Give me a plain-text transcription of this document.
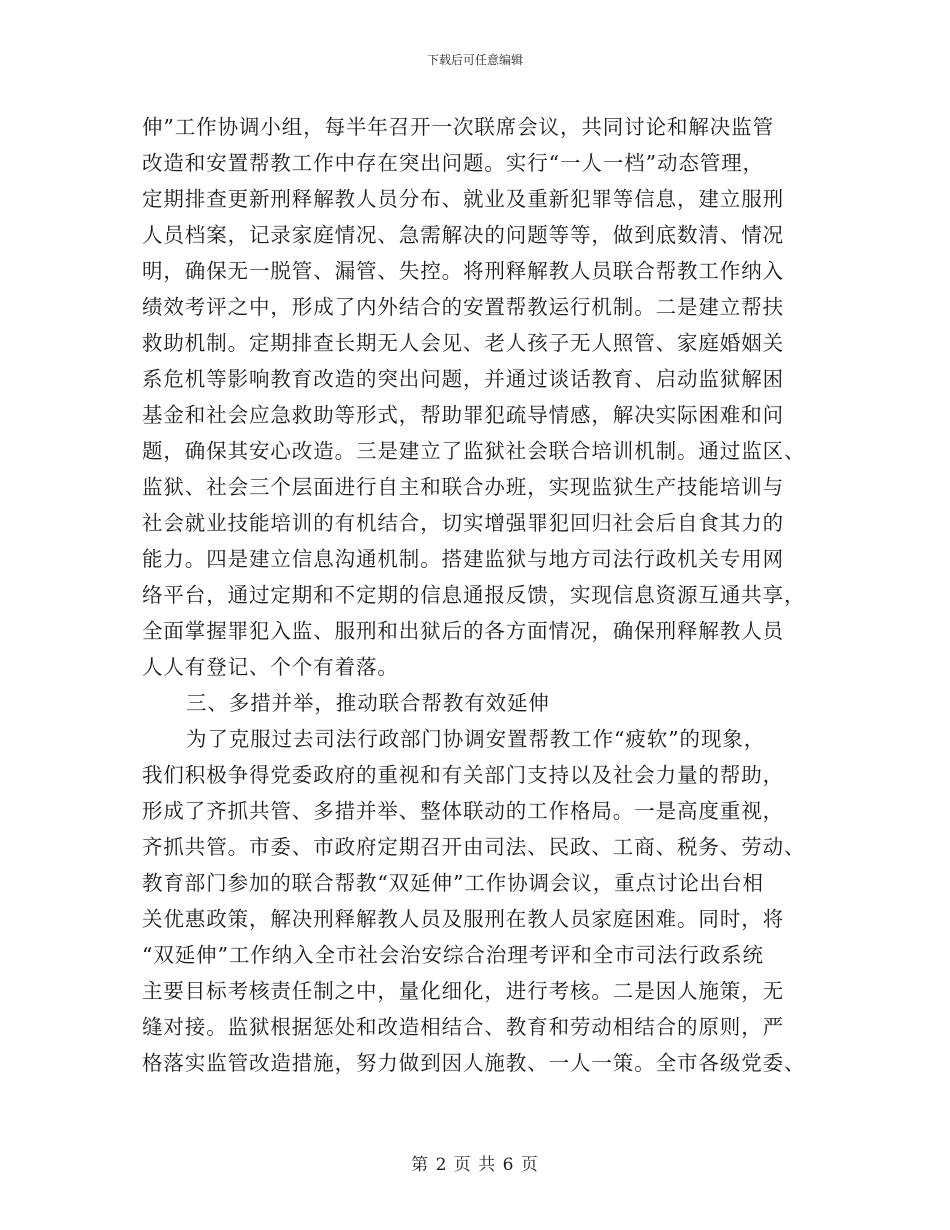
下载后可任意编辑
伸”工作协调小组，每半年召开一次联席会议，共同讨论和解决监管
改造和安置帮教工作中存在突出问题。实行“一人一档”动态管理，
定期排查更新刑释解教人员分布、就业及重新犯罪等信息，建立服刑
人员档案，记录家庭情况、急需解决的问题等等，做到底数清、情况
明，确保无一脱管、漏管、失控。将刑释解教人员联合帮教工作纳入
绩效考评之中，形成了内外结合的安置帮教运行机制。二是建立帮扶
救助机制。定期排查长期无人会见、老人孩子无人照管、家庭婚姻关
系危机等影响教育改造的突出问题，并通过谈话教育、启动监狱解困
基金和社会应急救助等形式，帮助罪犯疏导情感，解决实际困难和问
题，确保其安心改造。三是建立了监狱社会联合培训机制。通过监区、
监狱、社会三个层面进行自主和联合办班，实现监狱生产技能培训与
社会就业技能培训的有机结合，切实增强罪犯回归社会后自食其力的
能力。四是建立信息沟通机制。搭建监狱与地方司法行政机关专用网
络平台，通过定期和不定期的信息通报反馈，实现信息资源互通共享，
全面掌握罪犯入监、服刑和出狱后的各方面情况，确保刑释解教人员
人人有登记、个个有着落。
三、多措并举，推动联合帮教有效延伸
为了克服过去司法行政部门协调安置帮教工作“疲软”的现象，
我们积极争得党委政府的重视和有关部门支持以及社会力量的帮助，
形成了齐抓共管、多措并举、整体联动的工作格局。一是高度重视，
齐抓共管。市委、市政府定期召开由司法、民政、工商、税务、劳动、
教育部门参加的联合帮教“双延伸”工作协调会议，重点讨论出台相
关优惠政策，解决刑释解教人员及服刑在教人员家庭困难。同时，将
“双延伸”工作纳入全市社会治安综合治理考评和全市司法行政系统
主要目标考核责任制之中，量化细化，进行考核。二是因人施策，无
缝对接。监狱根据惩处和改造相结合、教育和劳动相结合的原则，严
格落实监管改造措施，努力做到因人施教、一人一策。全市各级党委、
第 2 页 共 6 页
